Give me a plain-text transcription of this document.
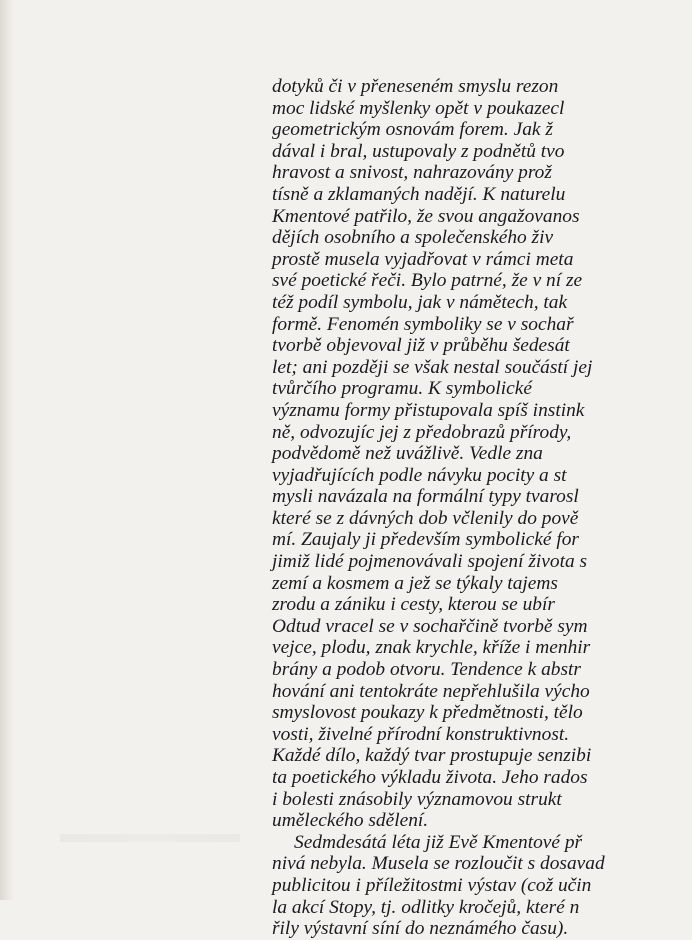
dotyků či v přeneseném smyslu rezon
moc lidské myšlenky opět v poukazecl
geometrickým osnovám forem. Jak ž
dával i bral, ustupovaly z podnětů tvo
hravost a snivost, nahrazovány prož
tísně a zklamaných nadějí. K naturelu
Kmentové patřilo, že svou angažovanos
dějích osobního a společenského živ
prostě musela vyjadřovat v rámci meta
své poetické řeči. Bylo patrné, že v ní ze
též podíl symbolu, jak v námětech, tak
formě. Fenomén symboliky se v sochař
tvorbě objevoval již v průběhu šedesát
let; ani později se však nestal součástí jej
tvůrčího programu. K symbolické
významu formy přistupovala spíš instink
ně, odvozujíc jej z předobrazů přírody,
podvědomě než uvážlivě. Vedle zna
vyjadřujících podle návyku pocity a st
mysli navázala na formální typy tvarosl
které se z dávných dob včlenily do pově
mí. Zaujaly ji především symbolické for
jimiž lidé pojmenovávali spojení života s
zemí a kosmem a jež se týkaly tajems
zrodu a zániku i cesty, kterou se ubír
Odtud vracel se v sochařčině tvorbě sym
vejce, plodu, znak krychle, kříže i menhir
brány a podob otvoru. Tendence k abstr
hování ani tentokráte nepřehlušila výcho
smyslovost poukazy k předmětnosti, tělo
vosti, živelné přírodní konstruktivnost.
Každé dílo, každý tvar prostupuje senzibi
ta poetického výkladu života. Jeho rados
i bolesti znásobily významovou strukt
uměleckého sdělení.
Sedmdesátá léta již Evě Kmentové př
nivá nebyla. Musela se rozloučit s dosavad
publicitou i příležitostmi výstav (což učin
la akcí Stopy, tj. odlitky kročejů, které n
řily výstavní síní do neznámého času).
